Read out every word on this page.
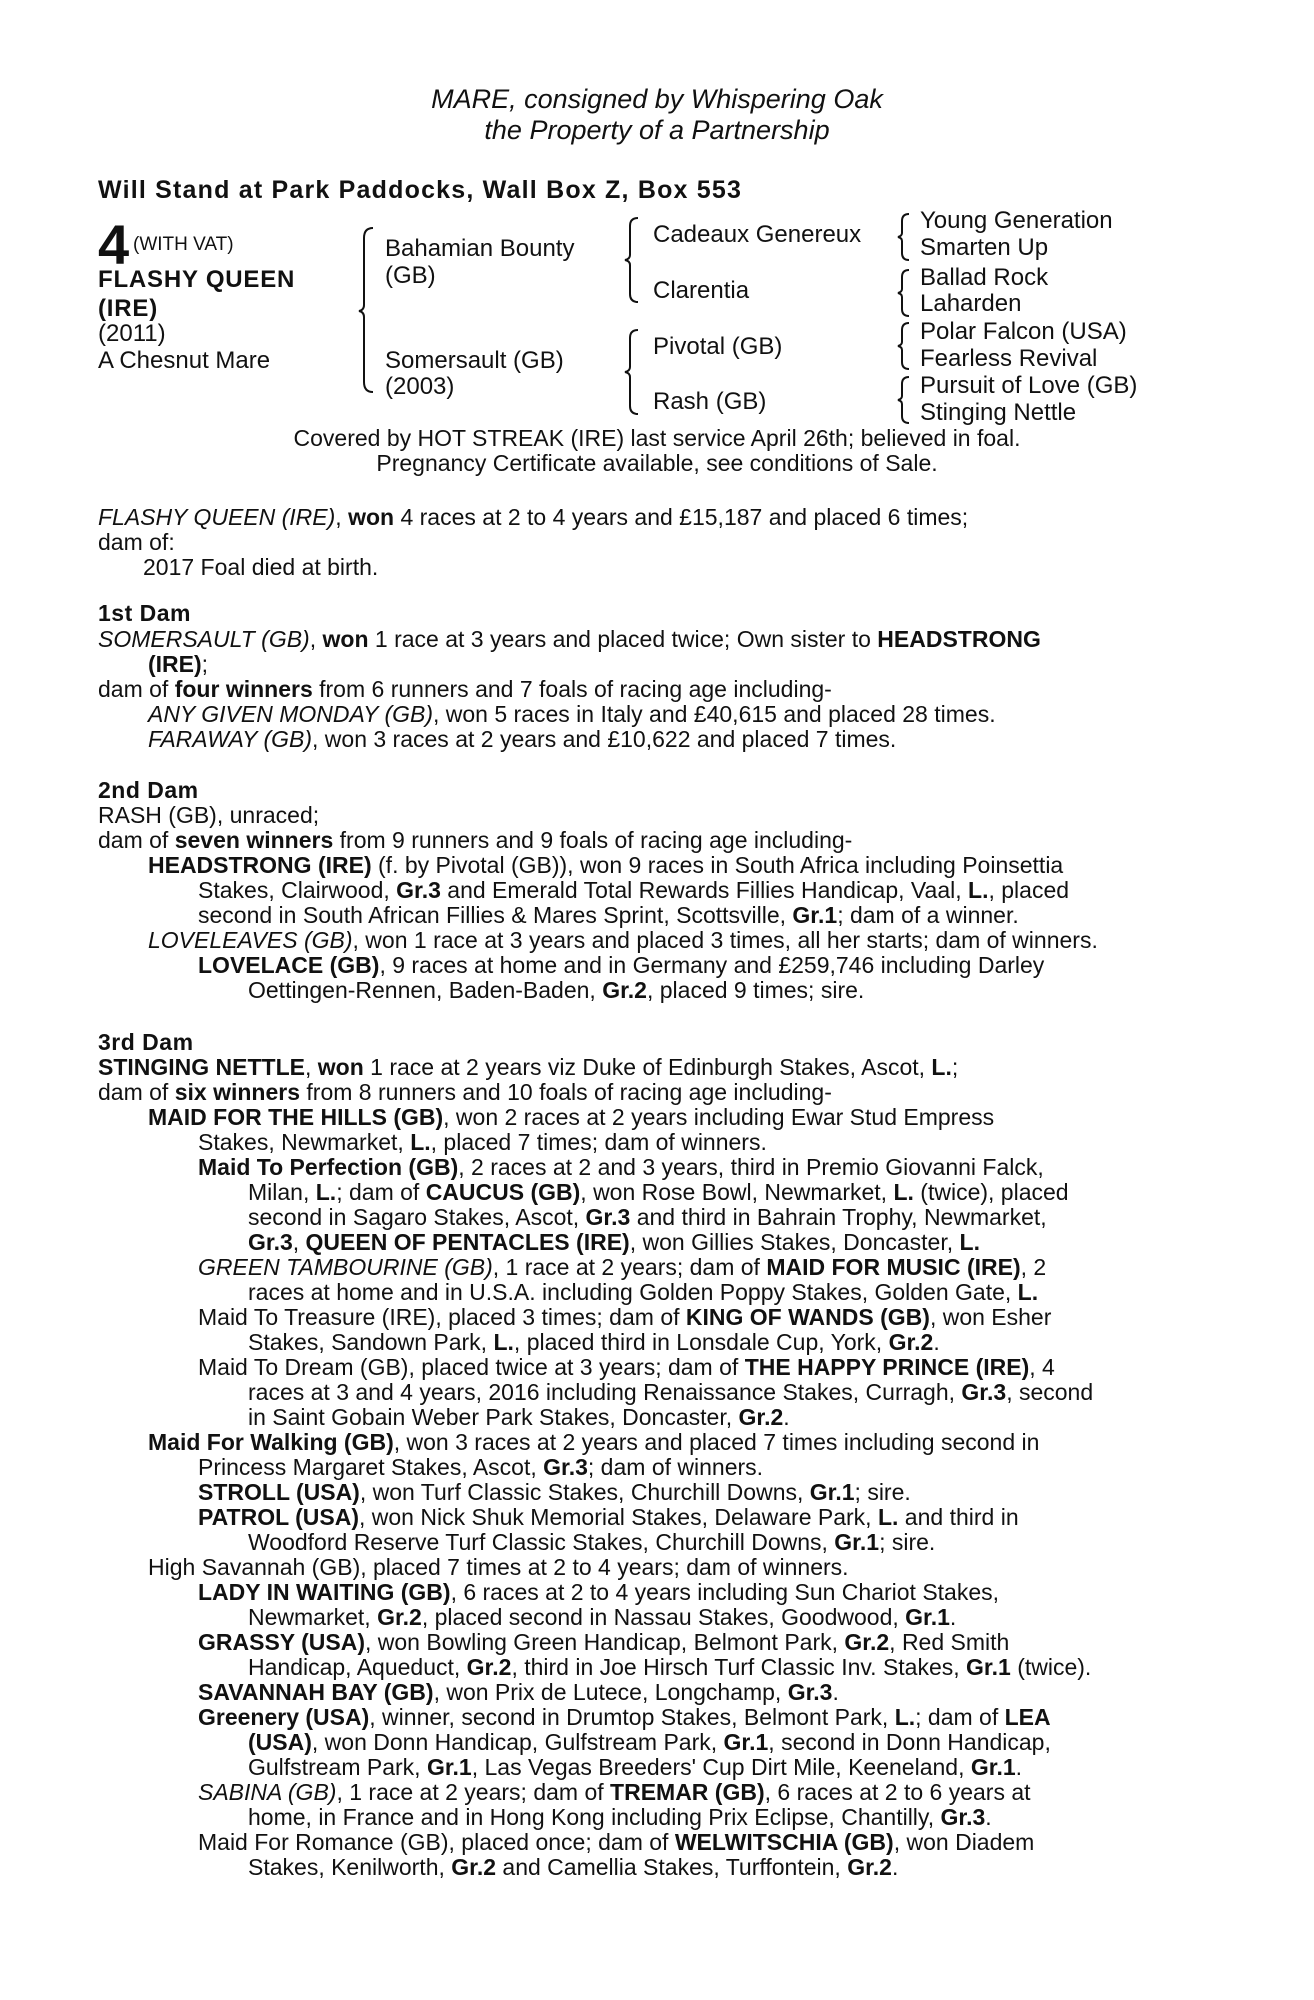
MARE, consigned by Whispering Oak
the Property of a Partnership
Will Stand at Park Paddocks, Wall Box Z, Box 553
4 (WITH VAT)
FLASHY QUEEN
(IRE)
(2011)
A Chesnut Mare
Bahamian Bounty
(GB)
Somersault (GB)
(2003)
Cadeaux Genereux
Clarentia
Pivotal (GB)
Rash (GB)
Young Generation
Smarten Up
Ballad Rock
Laharden
Polar Falcon (USA)
Fearless Revival
Pursuit of Love (GB)
Stinging Nettle
Covered by HOT STREAK (IRE) last service April 26th; believed in foal.
Pregnancy Certificate available, see conditions of Sale.
1st Dam
2nd Dam
3rd Dam
FLASHY QUEEN (IRE), won 4 races at 2 to 4 years and £15,187 and placed 6 times;
dam of:
2017 Foal died at birth.
SOMERSAULT (GB), won 1 race at 3 years and placed twice; Own sister to HEADSTRONG
(IRE);
dam of four winners from 6 runners and 7 foals of racing age including-
ANY GIVEN MONDAY (GB), won 5 races in Italy and £40,615 and placed 28 times.
FARAWAY (GB), won 3 races at 2 years and £10,622 and placed 7 times.
RASH (GB), unraced;
dam of seven winners from 9 runners and 9 foals of racing age including-
HEADSTRONG (IRE) (f. by Pivotal (GB)), won 9 races in South Africa including Poinsettia
Stakes, Clairwood, Gr.3 and Emerald Total Rewards Fillies Handicap, Vaal, L., placed
second in South African Fillies & Mares Sprint, Scottsville, Gr.1; dam of a winner.
LOVELEAVES (GB), won 1 race at 3 years and placed 3 times, all her starts; dam of winners.
LOVELACE (GB), 9 races at home and in Germany and £259,746 including Darley
Oettingen-Rennen, Baden-Baden, Gr.2, placed 9 times; sire.
STINGING NETTLE, won 1 race at 2 years viz Duke of Edinburgh Stakes, Ascot, L.;
dam of six winners from 8 runners and 10 foals of racing age including-
MAID FOR THE HILLS (GB), won 2 races at 2 years including Ewar Stud Empress
Stakes, Newmarket, L., placed 7 times; dam of winners.
Maid To Perfection (GB), 2 races at 2 and 3 years, third in Premio Giovanni Falck,
Milan, L.; dam of CAUCUS (GB), won Rose Bowl, Newmarket, L. (twice), placed
second in Sagaro Stakes, Ascot, Gr.3 and third in Bahrain Trophy, Newmarket,
Gr.3, QUEEN OF PENTACLES (IRE), won Gillies Stakes, Doncaster, L.
GREEN TAMBOURINE (GB), 1 race at 2 years; dam of MAID FOR MUSIC (IRE), 2
races at home and in U.S.A. including Golden Poppy Stakes, Golden Gate, L.
Maid To Treasure (IRE), placed 3 times; dam of KING OF WANDS (GB), won Esher
Stakes, Sandown Park, L., placed third in Lonsdale Cup, York, Gr.2.
Maid To Dream (GB), placed twice at 3 years; dam of THE HAPPY PRINCE (IRE), 4
races at 3 and 4 years, 2016 including Renaissance Stakes, Curragh, Gr.3, second
in Saint Gobain Weber Park Stakes, Doncaster, Gr.2.
Maid For Walking (GB), won 3 races at 2 years and placed 7 times including second in
Princess Margaret Stakes, Ascot, Gr.3; dam of winners.
STROLL (USA), won Turf Classic Stakes, Churchill Downs, Gr.1; sire.
PATROL (USA), won Nick Shuk Memorial Stakes, Delaware Park, L. and third in
Woodford Reserve Turf Classic Stakes, Churchill Downs, Gr.1; sire.
High Savannah (GB), placed 7 times at 2 to 4 years; dam of winners.
LADY IN WAITING (GB), 6 races at 2 to 4 years including Sun Chariot Stakes,
Newmarket, Gr.2, placed second in Nassau Stakes, Goodwood, Gr.1.
GRASSY (USA), won Bowling Green Handicap, Belmont Park, Gr.2, Red Smith
Handicap, Aqueduct, Gr.2, third in Joe Hirsch Turf Classic Inv. Stakes, Gr.1 (twice).
SAVANNAH BAY (GB), won Prix de Lutece, Longchamp, Gr.3.
Greenery (USA), winner, second in Drumtop Stakes, Belmont Park, L.; dam of LEA
(USA), won Donn Handicap, Gulfstream Park, Gr.1, second in Donn Handicap,
Gulfstream Park, Gr.1, Las Vegas Breeders' Cup Dirt Mile, Keeneland, Gr.1.
SABINA (GB), 1 race at 2 years; dam of TREMAR (GB), 6 races at 2 to 6 years at
home, in France and in Hong Kong including Prix Eclipse, Chantilly, Gr.3.
Maid For Romance (GB), placed once; dam of WELWITSCHIA (GB), won Diadem
Stakes, Kenilworth, Gr.2 and Camellia Stakes, Turffontein, Gr.2.
